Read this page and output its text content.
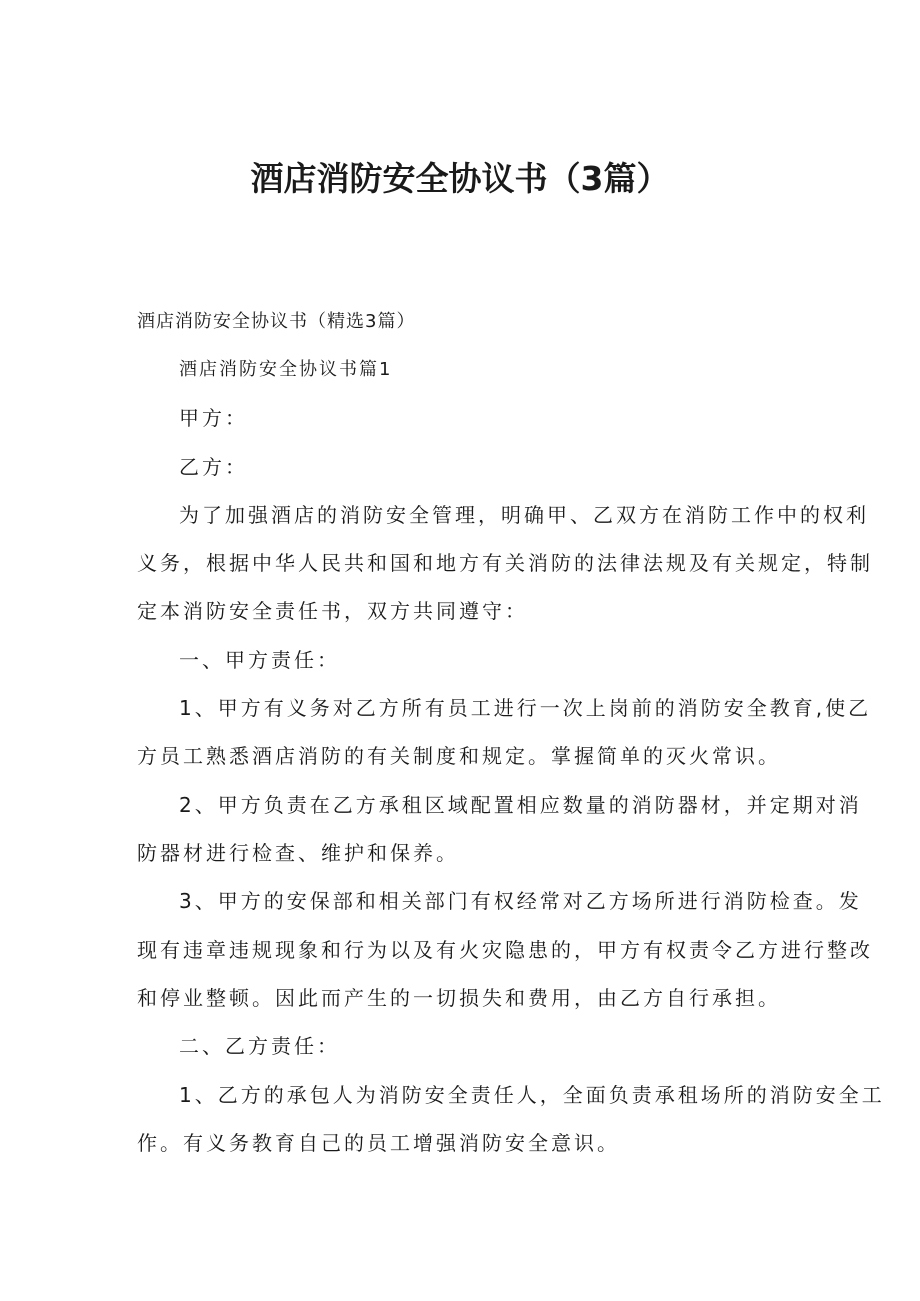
酒店消防安全协议书（3篇）
酒店消防安全协议书（精选3篇）
酒店消防安全协议书篇1
甲方：
乙方：
为了加强酒店的消防安全管理，明确甲、乙双方在消防工作中的权利
义务，根据中华人民共和国和地方有关消防的法律法规及有关规定，特制
定本消防安全责任书，双方共同遵守：
一、甲方责任：
1、甲方有义务对乙方所有员工进行一次上岗前的消防安全教育,使乙
方员工熟悉酒店消防的有关制度和规定。掌握简单的灭火常识。
2、甲方负责在乙方承租区域配置相应数量的消防器材，并定期对消
防器材进行检查、维护和保养。
3、甲方的安保部和相关部门有权经常对乙方场所进行消防检查。发
现有违章违规现象和行为以及有火灾隐患的，甲方有权责令乙方进行整改
和停业整顿。因此而产生的一切损失和费用，由乙方自行承担。
二、乙方责任：
1、乙方的承包人为消防安全责任人，全面负责承租场所的消防安全工
作。有义务教育自己的员工增强消防安全意识。
